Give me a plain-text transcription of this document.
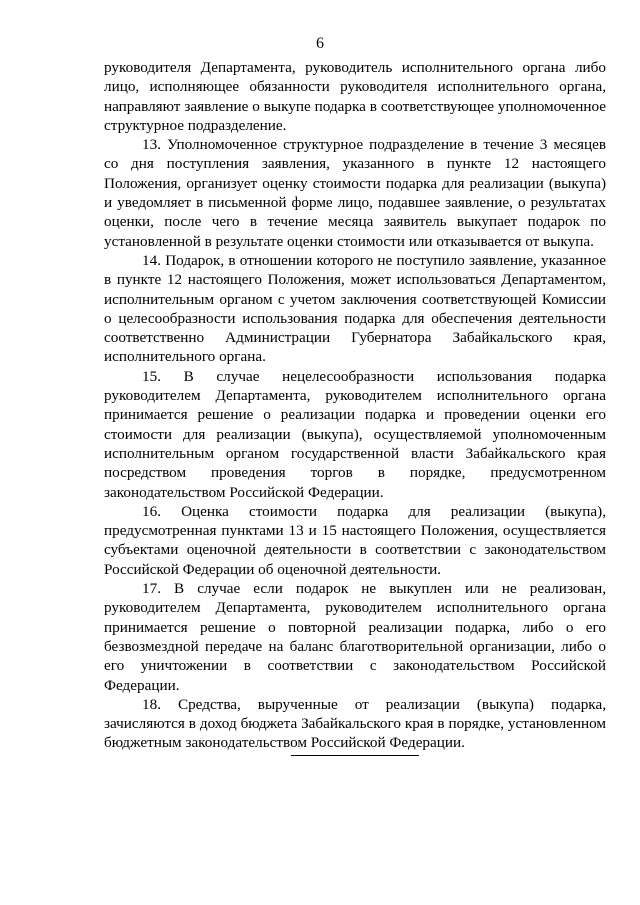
6

руководителя Департамента, руководитель исполнительного органа либо лицо, исполняющее обязанности руководителя исполнительного органа, направляют заявление о выкупе подарка в соответствующее уполномоченное структурное подразделение.

13. Уполномоченное структурное подразделение в течение 3 месяцев со дня поступления заявления, указанного в пункте 12 настоящего Положения, организует оценку стоимости подарка для реализации (выкупа) и уведомляет в письменной форме лицо, подавшее заявление, о результатах оценки, после чего в течение месяца заявитель выкупает подарок по установленной в результате оценки стоимости или отказывается от выкупа.

14. Подарок, в отношении которого не поступило заявление, указанное в пункте 12 настоящего Положения, может использоваться Департаментом, исполнительным органом с учетом заключения соответствующей Комиссии о целесообразности использования подарка для обеспечения деятельности соответственно Администрации Губернатора Забайкальского края, исполнительного органа.

15. В случае нецелесообразности использования подарка руководителем Департамента, руководителем исполнительного органа принимается решение о реализации подарка и проведении оценки его стоимости для реализации (выкупа), осуществляемой уполномоченным исполнительным органом государственной власти Забайкальского края посредством проведения торгов в порядке, предусмотренном законодательством Российской Федерации.

16. Оценка стоимости подарка для реализации (выкупа), предусмотренная пунктами 13 и 15 настоящего Положения, осуществляется субъектами оценочной деятельности в соответствии с законодательством Российской Федерации об оценочной деятельности.

17. В случае если подарок не выкуплен или не реализован, руководителем Департамента, руководителем исполнительного органа принимается решение о повторной реализации подарка, либо о его безвозмездной передаче на баланс благотворительной организации, либо о его уничтожении в соответствии с законодательством Российской Федерации.

18. Средства, вырученные от реализации (выкупа) подарка, зачисляются в доход бюджета Забайкальского края в порядке, установленном бюджетным законодательством Российской Федерации.
